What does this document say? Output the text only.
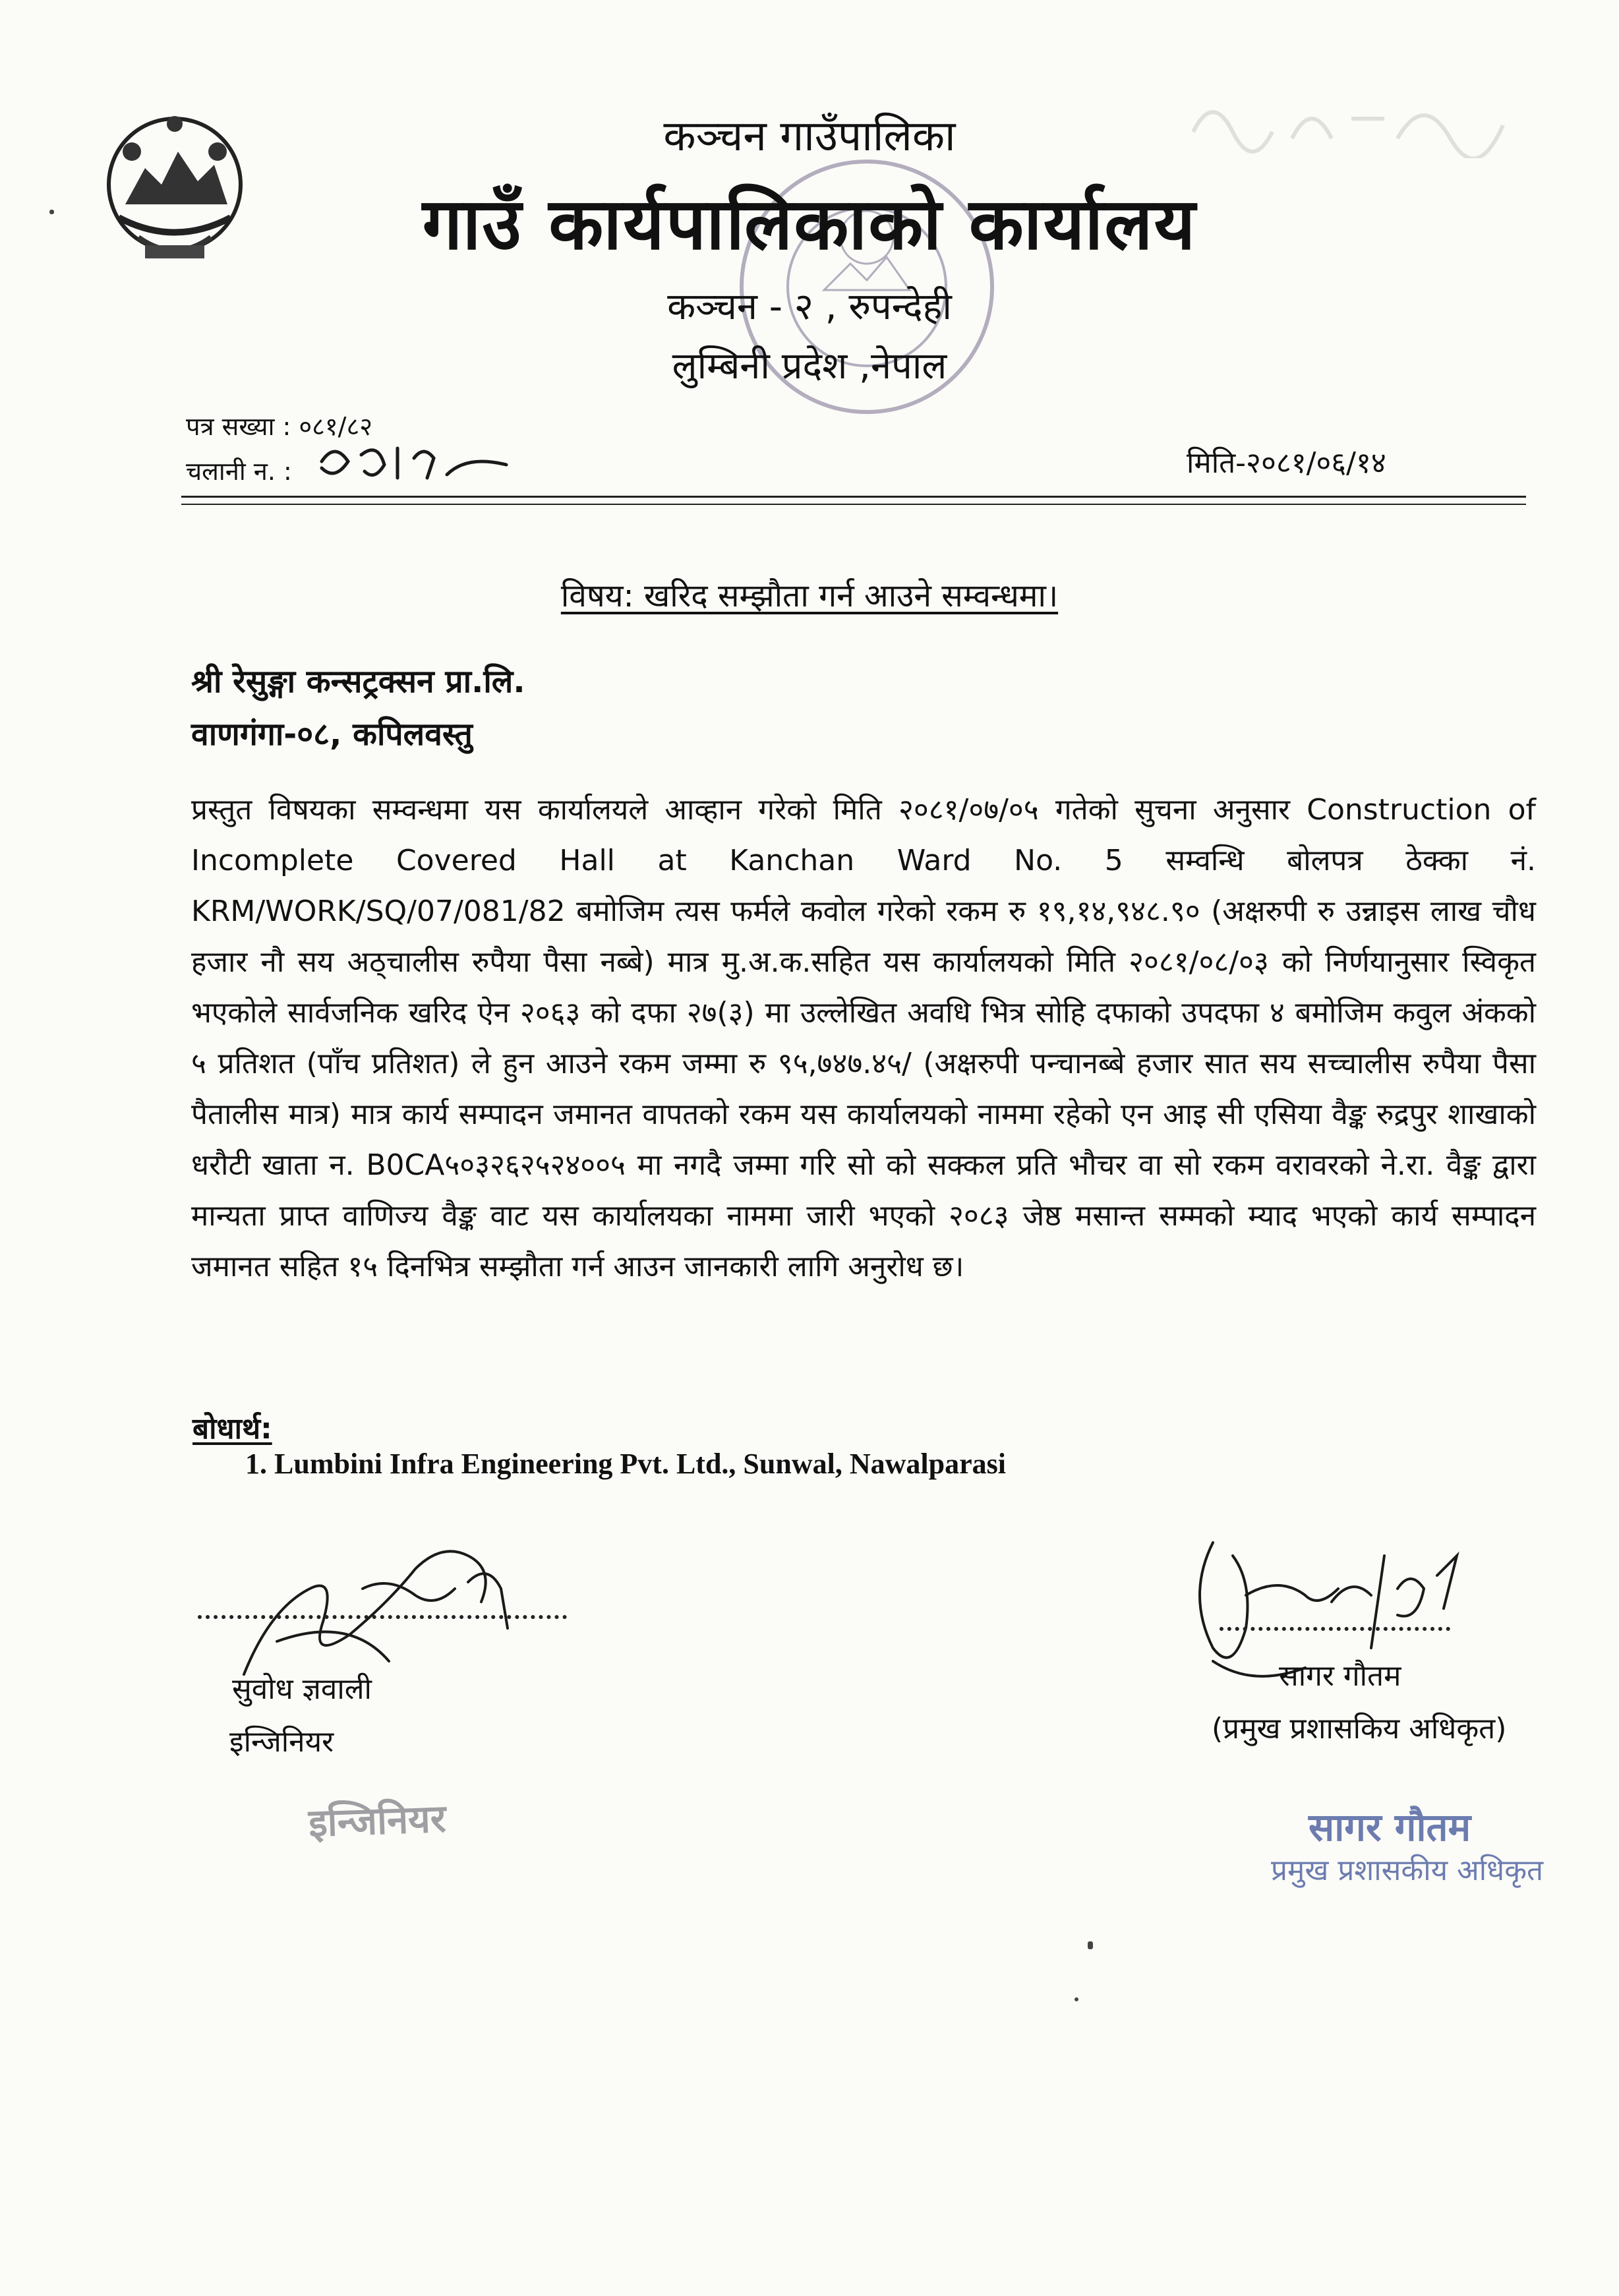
कञ्चन गाउँपालिका
गाउँ कार्यपालिकाको कार्यालय
कञ्चन - २ , रुपन्देही
लुम्बिनी प्रदेश ,नेपाल
पत्र सख्या : ०८१/८२
चलानी न. :	मिति-२०८१/०६/१४
विषय: खरिद सम्झौता गर्न आउने सम्वन्धमा।
श्री रेसुङ्गा कन्सट्रक्सन प्रा.लि.
वाणगंगा-०८, कपिलवस्तु
प्रस्तुत विषयका सम्वन्धमा यस कार्यालयले आव्हान गरेको मिति २०८१/०७/०५ गतेको सुचना अनुसार Construction of Incomplete Covered Hall at Kanchan Ward No. 5 सम्वन्धि बोलपत्र ठेक्का नं. KRM/WORK/SQ/07/081/82 बमोजिम त्यस फर्मले कवोल गरेको रकम रु १९,१४,९४८.९० (अक्षरुपी रु उन्नाइस लाख चौध हजार नौ सय अठ्चालीस रुपैया पैसा नब्बे) मात्र मु.अ.क.सहित यस कार्यालयको मिति २०८१/०८/०३ को निर्णयानुसार स्विकृत भएकोले सार्वजनिक खरिद ऐन २०६३ को दफा २७(३) मा उल्लेखित अवधि भित्र सोहि दफाको उपदफा ४ बमोजिम कवुल अंकको ५ प्रतिशत (पाँच प्रतिशत) ले हुन आउने रकम जम्मा रु ९५,७४७.४५/ (अक्षरुपी पन्चानब्बे हजार सात सय सच्चालीस रुपैया पैसा पैतालीस मात्र) मात्र कार्य सम्पादन जमानत वापतको रकम यस कार्यालयको नाममा रहेको एन आइ सी एसिया वैङ्क रुद्रपुर शाखाको धरौटी खाता न. B0CA५०३२६२५२४००५ मा नगदै जम्मा गरि सो को सक्कल प्रति भौचर वा सो रकम वरावरको ने.रा. वैङ्क द्वारा मान्यता प्राप्त वाणिज्य वैङ्क वाट यस कार्यालयका नाममा जारी भएको २०८३ जेष्ठ मसान्त सम्मको म्याद भएको कार्य सम्पादन जमानत सहित १५ दिनभित्र सम्झौता गर्न आउन जानकारी लागि अनुरोध छ।
बोधार्थ:
1. Lumbini Infra Engineering Pvt. Ltd., Sunwal, Nawalparasi
सुवोध ज्ञवाली
इन्जिनियर
इन्जिनियर
सागर गौतम
(प्रमुख प्रशासकिय अधिकृत)
सागर गौतम
प्रमुख प्रशासकीय अधिकृत
